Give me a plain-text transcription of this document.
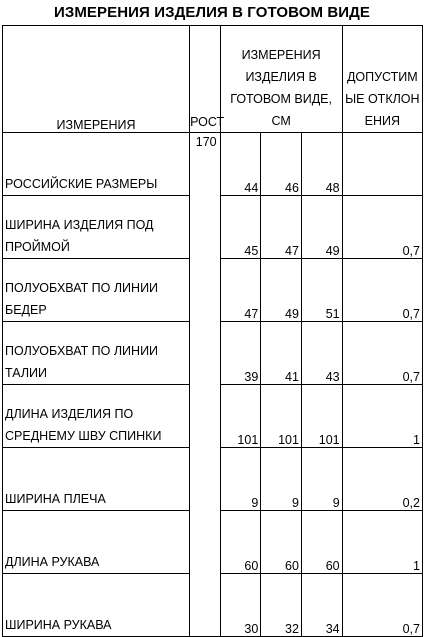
ИЗМЕРЕНИЯ ИЗДЕЛИЯ В ГОТОВОМ ВИДЕ
ИЗМЕРЕНИЯ	РОСТ	ИЗМЕРЕНИЯ ИЗДЕЛИЯ В ГОТОВОМ ВИДЕ, СМ			ДОПУСТИМЫЕ ОТКЛОНЕНИЯ
РОССИЙСКИЕ РАЗМЕРЫ	170	44	46	48	
ШИРИНА ИЗДЕЛИЯ ПОД ПРОЙМОЙ		45	47	49	0,7
ПОЛУОБХВАТ ПО ЛИНИИ БЕДЕР		47	49	51	0,7
ПОЛУОБХВАТ ПО ЛИНИИ ТАЛИИ		39	41	43	0,7
ДЛИНА ИЗДЕЛИЯ ПО СРЕДНЕМУ ШВУ СПИНКИ		101	101	101	1
ШИРИНА ПЛЕЧА		9	9	9	0,2
ДЛИНА РУКАВА		60	60	60	1
ШИРИНА РУКАВА		30	32	34	0,7
